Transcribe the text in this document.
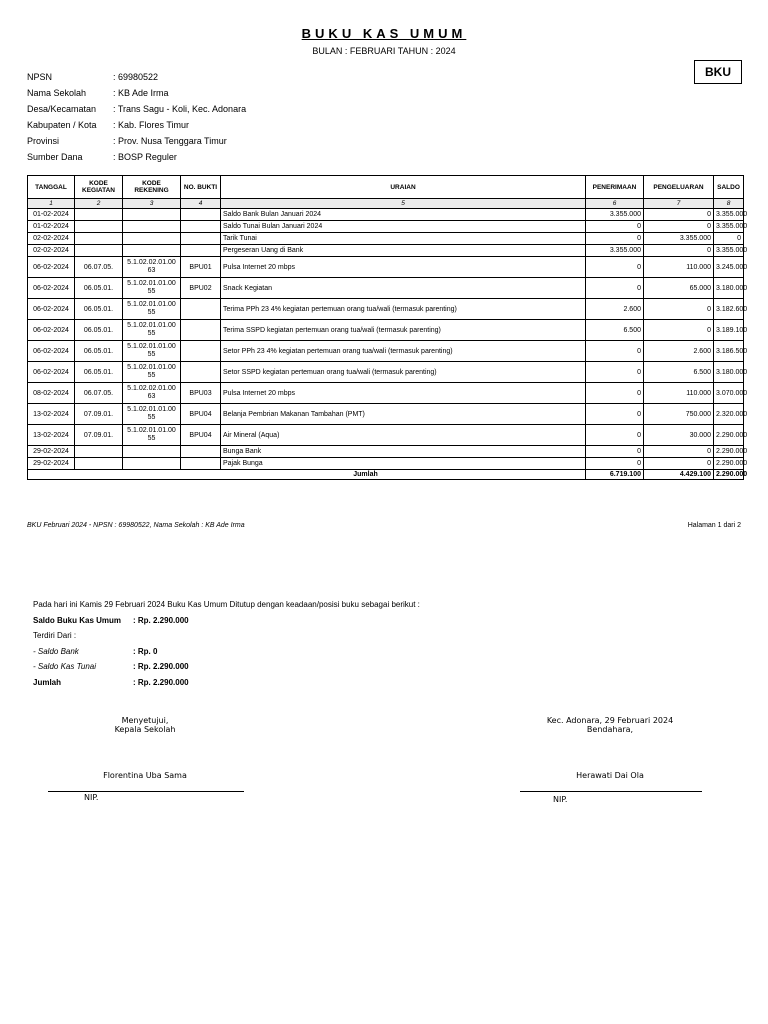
BUKU KAS UMUM
BULAN : FEBRUARI TAHUN : 2024
BKU
NPSN	: 69980522
Nama Sekolah	: KB Ade Irma
Desa/Kecamatan	: Trans Sagu - Koli, Kec. Adonara
Kabupaten / Kota	: Kab. Flores Timur
Provinsi	: Prov. Nusa Tenggara Timur
Sumber Dana	: BOSP Reguler
TANGGAL	KODE KEGIATAN	KODE REKENING	NO. BUKTI	URAIAN	PENERIMAAN	PENGELUARAN	SALDO
1	2	3	4	5	6	7	8
01-02-2024				Saldo Bank Bulan Januari 2024	3.355.000	0	3.355.000
01-02-2024				Saldo Tunai Bulan Januari 2024	0	0	3.355.000
02-02-2024				Tarik Tunai	0	3.355.000	0
02-02-2024				Pergeseran Uang di Bank	3.355.000	0	3.355.000
06-02-2024	06.07.05.	5.1.02.02.01.00 63	BPU01	Pulsa Internet 20 mbps	0	110.000	3.245.000
06-02-2024	06.05.01.	5.1.02.01.01.00 55	BPU02	Snack Kegiatan	0	65.000	3.180.000
06-02-2024	06.05.01.	5.1.02.01.01.00 55		Terima PPh 23 4% kegiatan pertemuan orang tua/wali (termasuk parenting)	2.600	0	3.182.600
06-02-2024	06.05.01.	5.1.02.01.01.00 55		Terima SSPD kegiatan pertemuan orang tua/wali (termasuk parenting)	6.500	0	3.189.100
06-02-2024	06.05.01.	5.1.02.01.01.00 55		Setor PPh 23 4% kegiatan pertemuan orang tua/wali (termasuk parenting)	0	2.600	3.186.500
06-02-2024	06.05.01.	5.1.02.01.01.00 55		Setor SSPD kegiatan pertemuan orang tua/wali (termasuk parenting)	0	6.500	3.180.000
08-02-2024	06.07.05.	5.1.02.02.01.00 63	BPU03	Pulsa Internet 20 mbps	0	110.000	3.070.000
13-02-2024	07.09.01.	5.1.02.01.01.00 55	BPU04	Belanja Pembrian Makanan Tambahan (PMT)	0	750.000	2.320.000
13-02-2024	07.09.01.	5.1.02.01.01.00 55	BPU04	Air Mineral (Aqua)	0	30.000	2.290.000
29-02-2024				Bunga Bank	0	0	2.290.000
29-02-2024				Pajak Bunga	0	0	2.290.000
Jumlah					6.719.100	4.429.100	2.290.000
BKU Februari 2024 - NPSN : 69980522, Nama Sekolah : KB Ade Irma	Halaman 1 dari 2
Pada hari ini Kamis 29 Februari 2024 Buku Kas Umum Ditutup dengan keadaan/posisi buku sebagai berikut :
Saldo Buku Kas Umum	: Rp. 2.290.000
Terdiri Dari :
- Saldo Bank	: Rp. 0
- Saldo Kas Tunai	: Rp. 2.290.000
Jumlah	: Rp. 2.290.000
Menyetujui,
Kepala Sekolah
Florentina Uba Sama
NIP.
Kec. Adonara, 29 Februari 2024
Bendahara,
Herawati Dai Ola
NIP.
